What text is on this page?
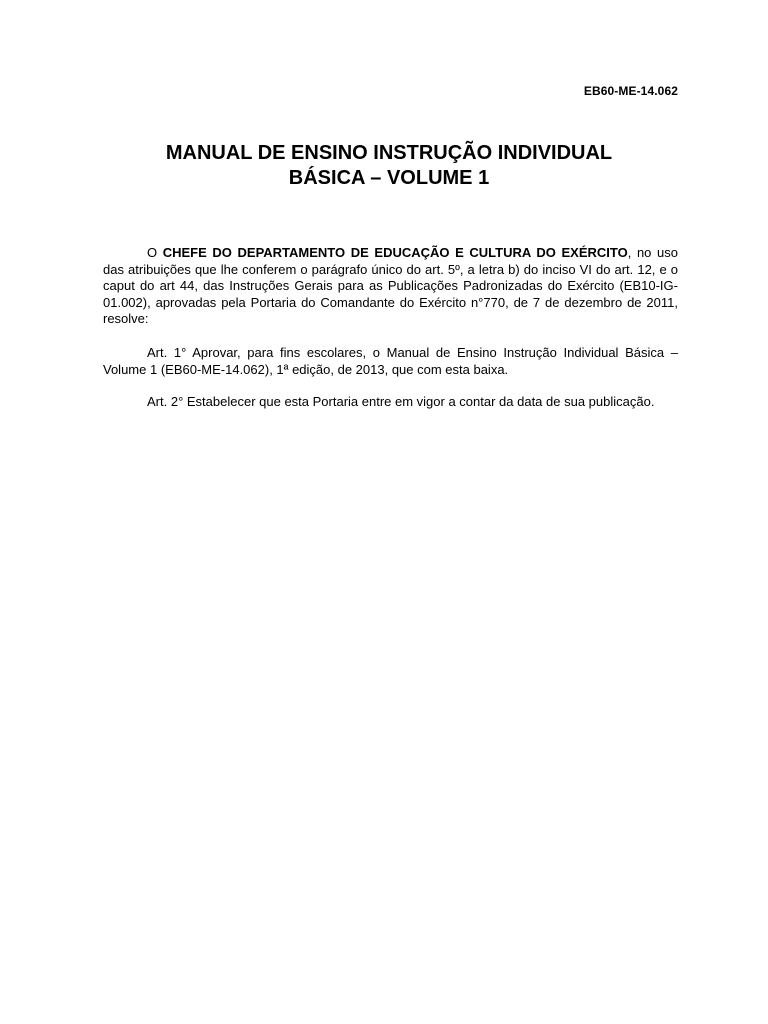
EB60-ME-14.062
MANUAL DE ENSINO INSTRUÇÃO INDIVIDUAL
BÁSICA – VOLUME 1

O CHEFE DO DEPARTAMENTO DE EDUCAÇÃO E CULTURA DO EXÉRCITO, no uso das atribuições que lhe conferem o parágrafo único do art. 5º, a letra b) do inciso VI do art. 12, e o caput do art 44, das Instruções Gerais para as Publicações Padronizadas do Exército (EB10-IG-01.002), aprovadas pela Portaria do Comandante do Exército n°770, de 7 de dezembro de 2011, resolve:

Art. 1° Aprovar, para fins escolares, o Manual de Ensino Instrução Individual Básica – Volume 1 (EB60-ME-14.062), 1ª edição, de 2013, que com esta baixa.

Art. 2° Estabelecer que esta Portaria entre em vigor a contar da data de sua publicação.
